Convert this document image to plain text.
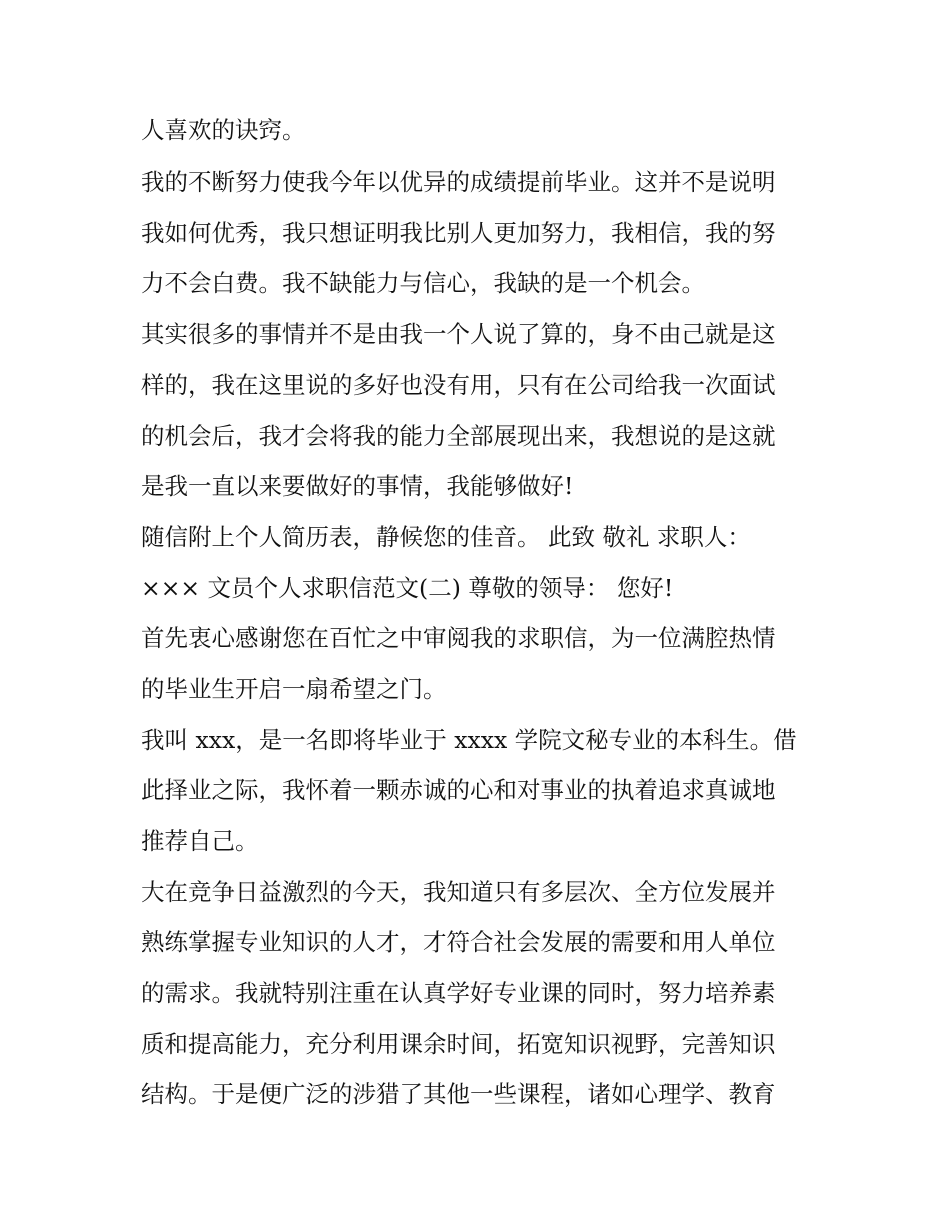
人喜欢的诀窍。
我的不断努力使我今年以优异的成绩提前毕业。这并不是说明
我如何优秀，我只想证明我比别人更加努力，我相信，我的努
力不会白费。我不缺能力与信心，我缺的是一个机会。
其实很多的事情并不是由我一个人说了算的，身不由己就是这
样的，我在这里说的多好也没有用，只有在公司给我一次面试
的机会后，我才会将我的能力全部展现出来，我想说的是这就
是我一直以来要做好的事情，我能够做好!
随信附上个人简历表，静候您的佳音。 此致 敬礼 求职人：
××× 文员个人求职信范文(二) 尊敬的领导： 您好!
首先衷心感谢您在百忙之中审阅我的求职信，为一位满腔热情
的毕业生开启一扇希望之门。
我叫 xxx，是一名即将毕业于 xxxx 学院文秘专业的本科生。借
此择业之际，我怀着一颗赤诚的心和对事业的执着追求真诚地
推荐自己。
大在竞争日益激烈的今天，我知道只有多层次、全方位发展并
熟练掌握专业知识的人才，才符合社会发展的需要和用人单位
的需求。我就特别注重在认真学好专业课的同时，努力培养素
质和提高能力，充分利用课余时间，拓宽知识视野，完善知识
结构。于是便广泛的涉猎了其他一些课程，诸如心理学、教育
